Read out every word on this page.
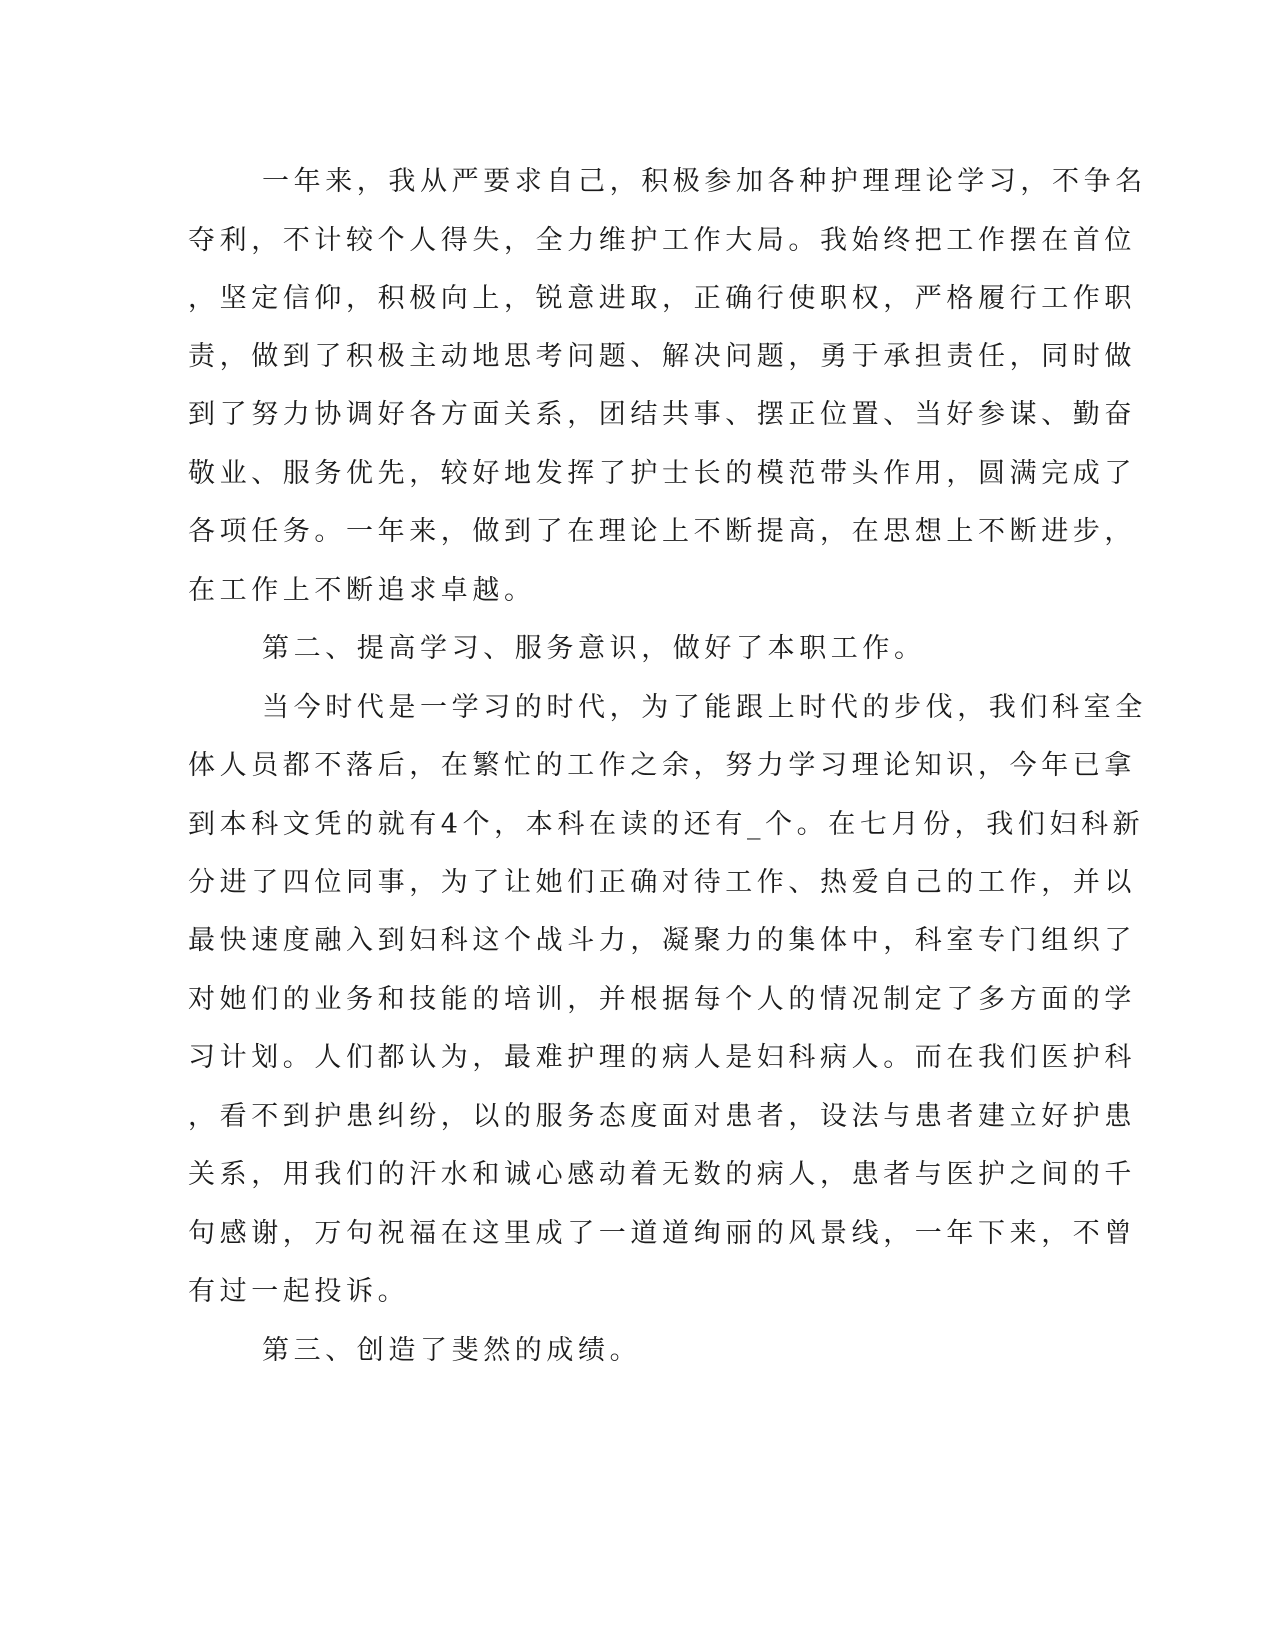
一年来，我从严要求自己，积极参加各种护理理论学习，不争名
夺利，不计较个人得失，全力维护工作大局。我始终把工作摆在首位
，坚定信仰，积极向上，锐意进取，正确行使职权，严格履行工作职
责，做到了积极主动地思考问题、解决问题，勇于承担责任，同时做
到了努力协调好各方面关系，团结共事、摆正位置、当好参谋、勤奋
敬业、服务优先，较好地发挥了护士长的模范带头作用，圆满完成了
各项任务。一年来，做到了在理论上不断提高，在思想上不断进步，
在工作上不断追求卓越。
第二、提高学习、服务意识，做好了本职工作。
当今时代是一学习的时代，为了能跟上时代的步伐，我们科室全
体人员都不落后，在繁忙的工作之余，努力学习理论知识，今年已拿
到本科文凭的就有4个，本科在读的还有_个。在七月份，我们妇科新
分进了四位同事，为了让她们正确对待工作、热爱自己的工作，并以
最快速度融入到妇科这个战斗力，凝聚力的集体中，科室专门组织了
对她们的业务和技能的培训，并根据每个人的情况制定了多方面的学
习计划。人们都认为，最难护理的病人是妇科病人。而在我们医护科
，看不到护患纠纷，以的服务态度面对患者，设法与患者建立好护患
关系，用我们的汗水和诚心感动着无数的病人，患者与医护之间的千
句感谢，万句祝福在这里成了一道道绚丽的风景线，一年下来，不曾
有过一起投诉。
第三、创造了斐然的成绩。
